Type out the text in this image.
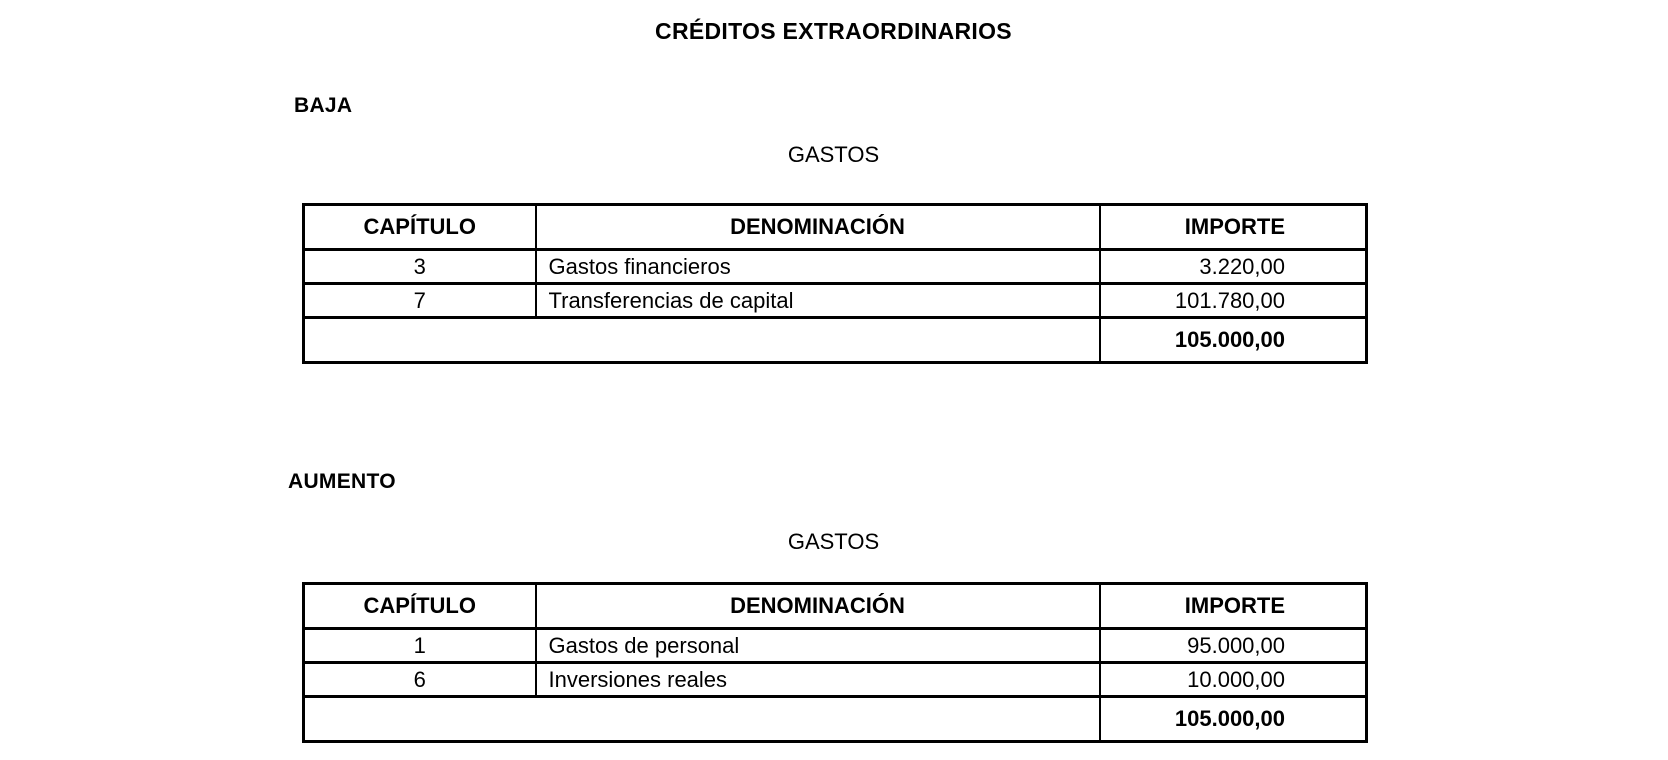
CRÉDITOS EXTRAORDINARIOS
BAJA
GASTOS
CAPÍTULO	DENOMINACIÓN	IMPORTE
3	Gastos financieros	3.220,00
7	Transferencias de capital	101.780,00
		105.000,00
AUMENTO
GASTOS
CAPÍTULO	DENOMINACIÓN	IMPORTE
1	Gastos de personal	95.000,00
6	Inversiones reales	10.000,00
		105.000,00
